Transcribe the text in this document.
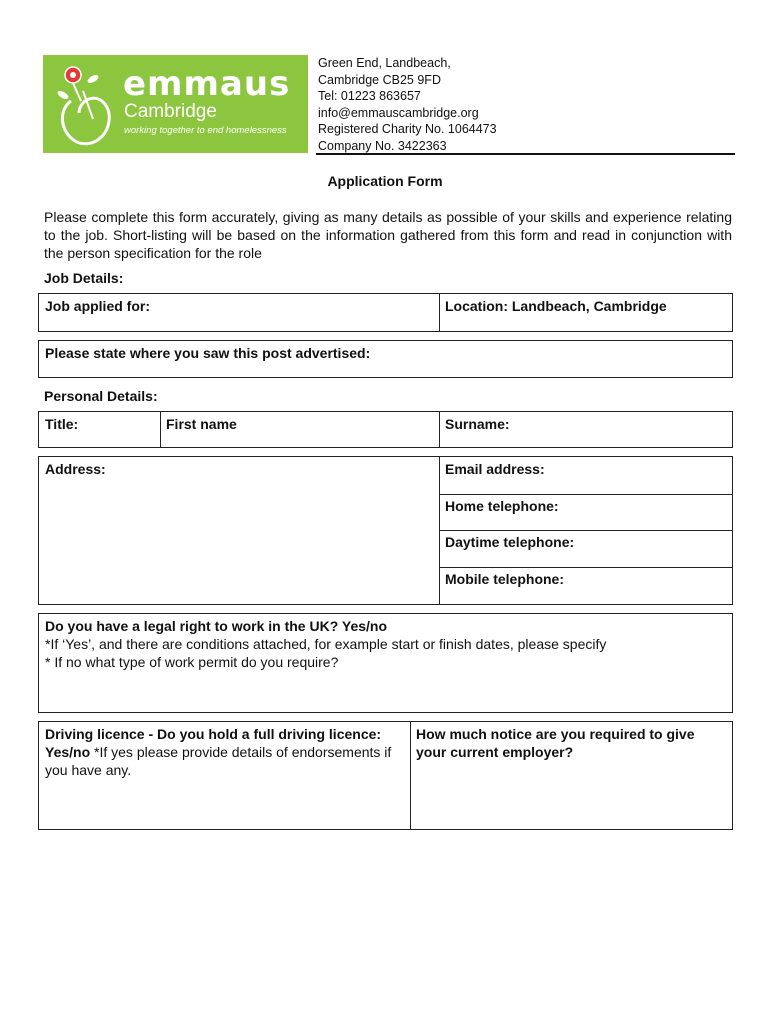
emmaus
Cambridge
working together to end homelessness
Green End, Landbeach,
Cambridge CB25 9FD
Tel: 01223 863657
info@emmauscambridge.org
Registered Charity No. 1064473
Company No. 3422363
Application Form
Please complete this form accurately, giving as many details as possible of your skills and experience relating to the job. Short-listing will be based on the information gathered from this form and read in conjunction with the person specification for the role
Job Details:
Job applied for:	Location: Landbeach, Cambridge
Please state where you saw this post advertised:
Personal Details:
Title:	First name	Surname:
Address:	Email address:
Home telephone:
Daytime telephone:
Mobile telephone:
Do you have a legal right to work in the UK? Yes/no
*If ‘Yes’, and there are conditions attached, for example start or finish dates, please specify
* If no what type of work permit do you require?
Driving licence - Do you hold a full driving licence: Yes/no *If yes please provide details of endorsements if you have any.
How much notice are you required to give your current employer?
